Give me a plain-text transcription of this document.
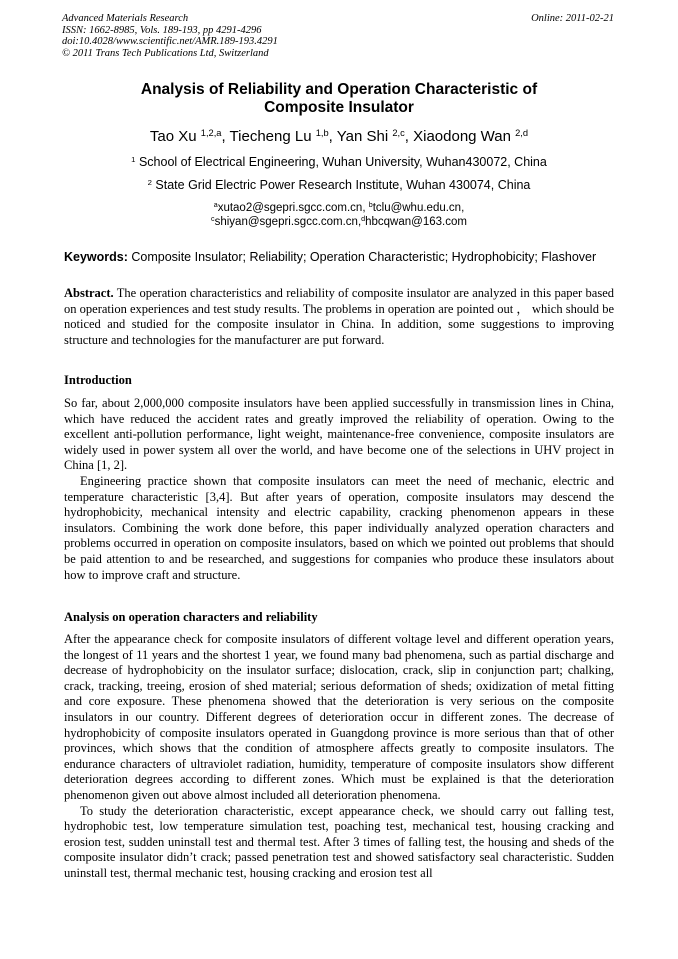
Advanced Materials Research
ISSN: 1662-8985, Vols. 189-193, pp 4291-4296
doi:10.4028/www.scientific.net/AMR.189-193.4291
© 2011 Trans Tech Publications Ltd, Switzerland
Online: 2011-02-21
Analysis of Reliability and Operation Characteristic of
Composite Insulator
Tao Xu $^{1,2,a}$, Tiecheng Lu $^{1,b}$, Yan Shi $^{2,c}$, Xiaodong Wan $^{2,d}$
$^1$ School of Electrical Engineering, Wuhan University, Wuhan430072, China
$^2$ State Grid Electric Power Research Institute, Wuhan 430074, China
$^a$xutao2@sgepri.sgcc.com.cn, $^b$tclu@whu.edu.cn,
$^c$shiyan@sgepri.sgcc.com.cn,$^d$hbcqwan@163.com
Keywords: Composite Insulator; Reliability; Operation Characteristic; Hydrophobicity; Flashover

Abstract. The operation characteristics and reliability of composite insulator are analyzed in this paper based on operation experiences and test study results. The problems in operation are pointed out ， which should be noticed and studied for the composite insulator in China. In addition, some suggestions to improving structure and technologies for the manufacturer are put forward.

Introduction

So far, about 2,000,000 composite insulators have been applied successfully in transmission lines in China, which have reduced the accident rates and greatly improved the reliability of operation. Owing to the excellent anti-pollution performance, light weight, maintenance-free convenience, composite insulators are widely used in power system all over the world, and have become one of the selections in UHV project in China [1, 2].

Engineering practice shown that composite insulators can meet the need of mechanic, electric and temperature characteristic [3,4]. But after years of operation, composite insulators may descend the hydrophobicity, mechanical intensity and electric capability, cracking phenomenon appears in these insulators. Combining the work done before, this paper individually analyzed operation characters and problems occurred in operation on composite insulators, based on which we pointed out problems that should be paid attention to and be researched, and suggestions for companies who produce these insulators about how to improve craft and structure.

Analysis on operation characters and reliability

After the appearance check for composite insulators of different voltage level and different operation years, the longest of 11 years and the shortest 1 year, we found many bad phenomena, such as partial discharge and decrease of hydrophobicity on the insulator surface; dislocation, crack, slip in conjunction part; chalking, crack, tracking, treeing, erosion of shed material; serious deformation of sheds; oxidization of metal fitting and core exposure. These phenomena showed that the deterioration is very serious on the composite insulators in our country. Different degrees of deterioration occur in different zones. The decrease of hydrophobicity of composite insulators operated in Guangdong province is more serious than that of other provinces, which shows that the condition of atmosphere affects greatly to composite insulators. The endurance characters of ultraviolet radiation, humidity, temperature of composite insulators show different deterioration degrees according to different zones. Which must be explained is that the deterioration phenomenon given out above almost included all deterioration phenomena.

To study the deterioration characteristic, except appearance check, we should carry out falling test, hydrophobic test, low temperature simulation test, poaching test, mechanical test, housing cracking and erosion test, sudden uninstall test and thermal test. After 3 times of falling test, the housing and sheds of the composite insulator didn’t crack; passed penetration test and showed satisfactory seal characteristic. Sudden uninstall test, thermal mechanic test, housing cracking and erosion test all
